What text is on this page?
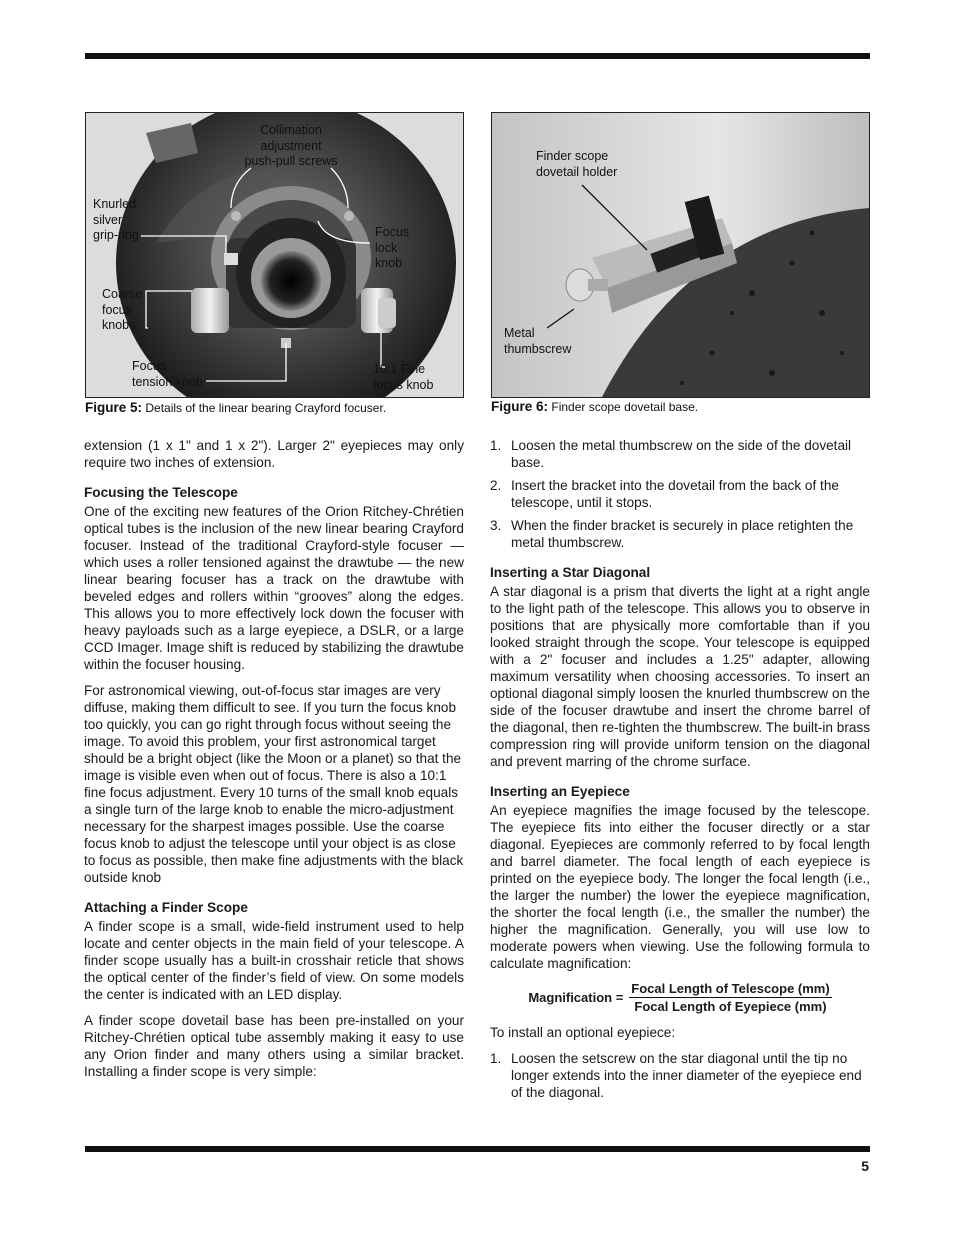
Collimation
adjustment
push-pull screws
Knurled
silver
grip-ring	Focus
lock
knob
Coarse
focus
knobs
Focus
tension knob
10:1 Fine
focus knob
Figure 5: Details of the linear bearing Crayford focuser.
Finder scope
dovetail holder
Metal
thumbscrew
Figure 6: Finder scope dovetail base.

extension (1 x 1" and 1 x 2"). Larger 2" eyepieces may only require two inches of extension.

Focusing the Telescope

One of the exciting new features of the Orion Ritchey-Chrétien optical tubes is the inclusion of the new linear bearing Crayford focuser. Instead of the traditional Crayford-style focuser — which uses a roller tensioned against the drawtube — the new linear bearing focuser has a track on the drawtube with beveled edges and rollers within “grooves” along the edges. This allows you to more effectively lock down the focuser with heavy payloads such as a large eyepiece, a DSLR, or a large CCD Imager. Image shift is reduced by stabilizing the drawtube within the focuser housing.

For astronomical viewing, out-of-focus star images are very diffuse, making them difficult to see. If you turn the focus knob too quickly, you can go right through focus without seeing the image. To avoid this problem, your first astronomical target should be a bright object (like the Moon or a planet) so that the image is visible even when out of focus. There is also a 10:1 fine focus adjustment. Every 10 turns of the small knob equals a single turn of the large knob to enable the micro-adjustment necessary for the sharpest images possible. Use the coarse focus knob to adjust the telescope until your object is as close to focus as possible, then make fine adjustments with the black outside knob

Attaching a Finder Scope

A finder scope is a small, wide-field instrument used to help locate and center objects in the main field of your telescope. A finder scope usually has a built-in crosshair reticle that shows the optical center of the finder’s field of view. On some models the center is indicated with an LED display.

A finder scope dovetail base has been pre-installed on your Ritchey-Chrétien optical tube assembly making it easy to use any Orion finder and many others using a similar bracket. Installing a finder scope is very simple:

1. Loosen the metal thumbscrew on the side of the dovetail base.
2. Insert the bracket into the dovetail from the back of the telescope, until it stops.
3. When the finder bracket is securely in place retighten the metal thumbscrew.
Inserting a Star Diagonal

A star diagonal is a prism that diverts the light at a right angle to the light path of the telescope. This allows you to observe in positions that are physically more comfortable than if you looked straight through the scope. Your telescope is equipped with a 2" focuser and includes a 1.25" adapter, allowing maximum versatility when choosing accessories. To insert an optional diagonal simply loosen the knurled thumbscrew on the side of the focuser drawtube and insert the chrome barrel of the diagonal, then re-tighten the thumbscrew. The built-in brass compression ring will provide uniform tension on the diagonal and prevent marring of the chrome surface.

Inserting an Eyepiece

An eyepiece magnifies the image focused by the telescope. The eyepiece fits into either the focuser directly or a star diagonal. Eyepieces are commonly referred to by focal length and barrel diameter. The focal length of each eyepiece is printed on the eyepiece body. The longer the focal length (i.e., the larger the number) the lower the eyepiece magnification, the shorter the focal length (i.e., the smaller the number) the higher the magnification. Generally, you will use low to moderate powers when viewing. Use the following formula to calculate magnification:

Magnification = $\frac{\text{Focal Length of Telescope (mm)}}{\text{Focal Length of Eyepiece (mm)}}$

To install an optional eyepiece:

1. Loosen the setscrew on the star diagonal until the tip no longer extends into the inner diameter of the eyepiece end of the diagonal.
5
